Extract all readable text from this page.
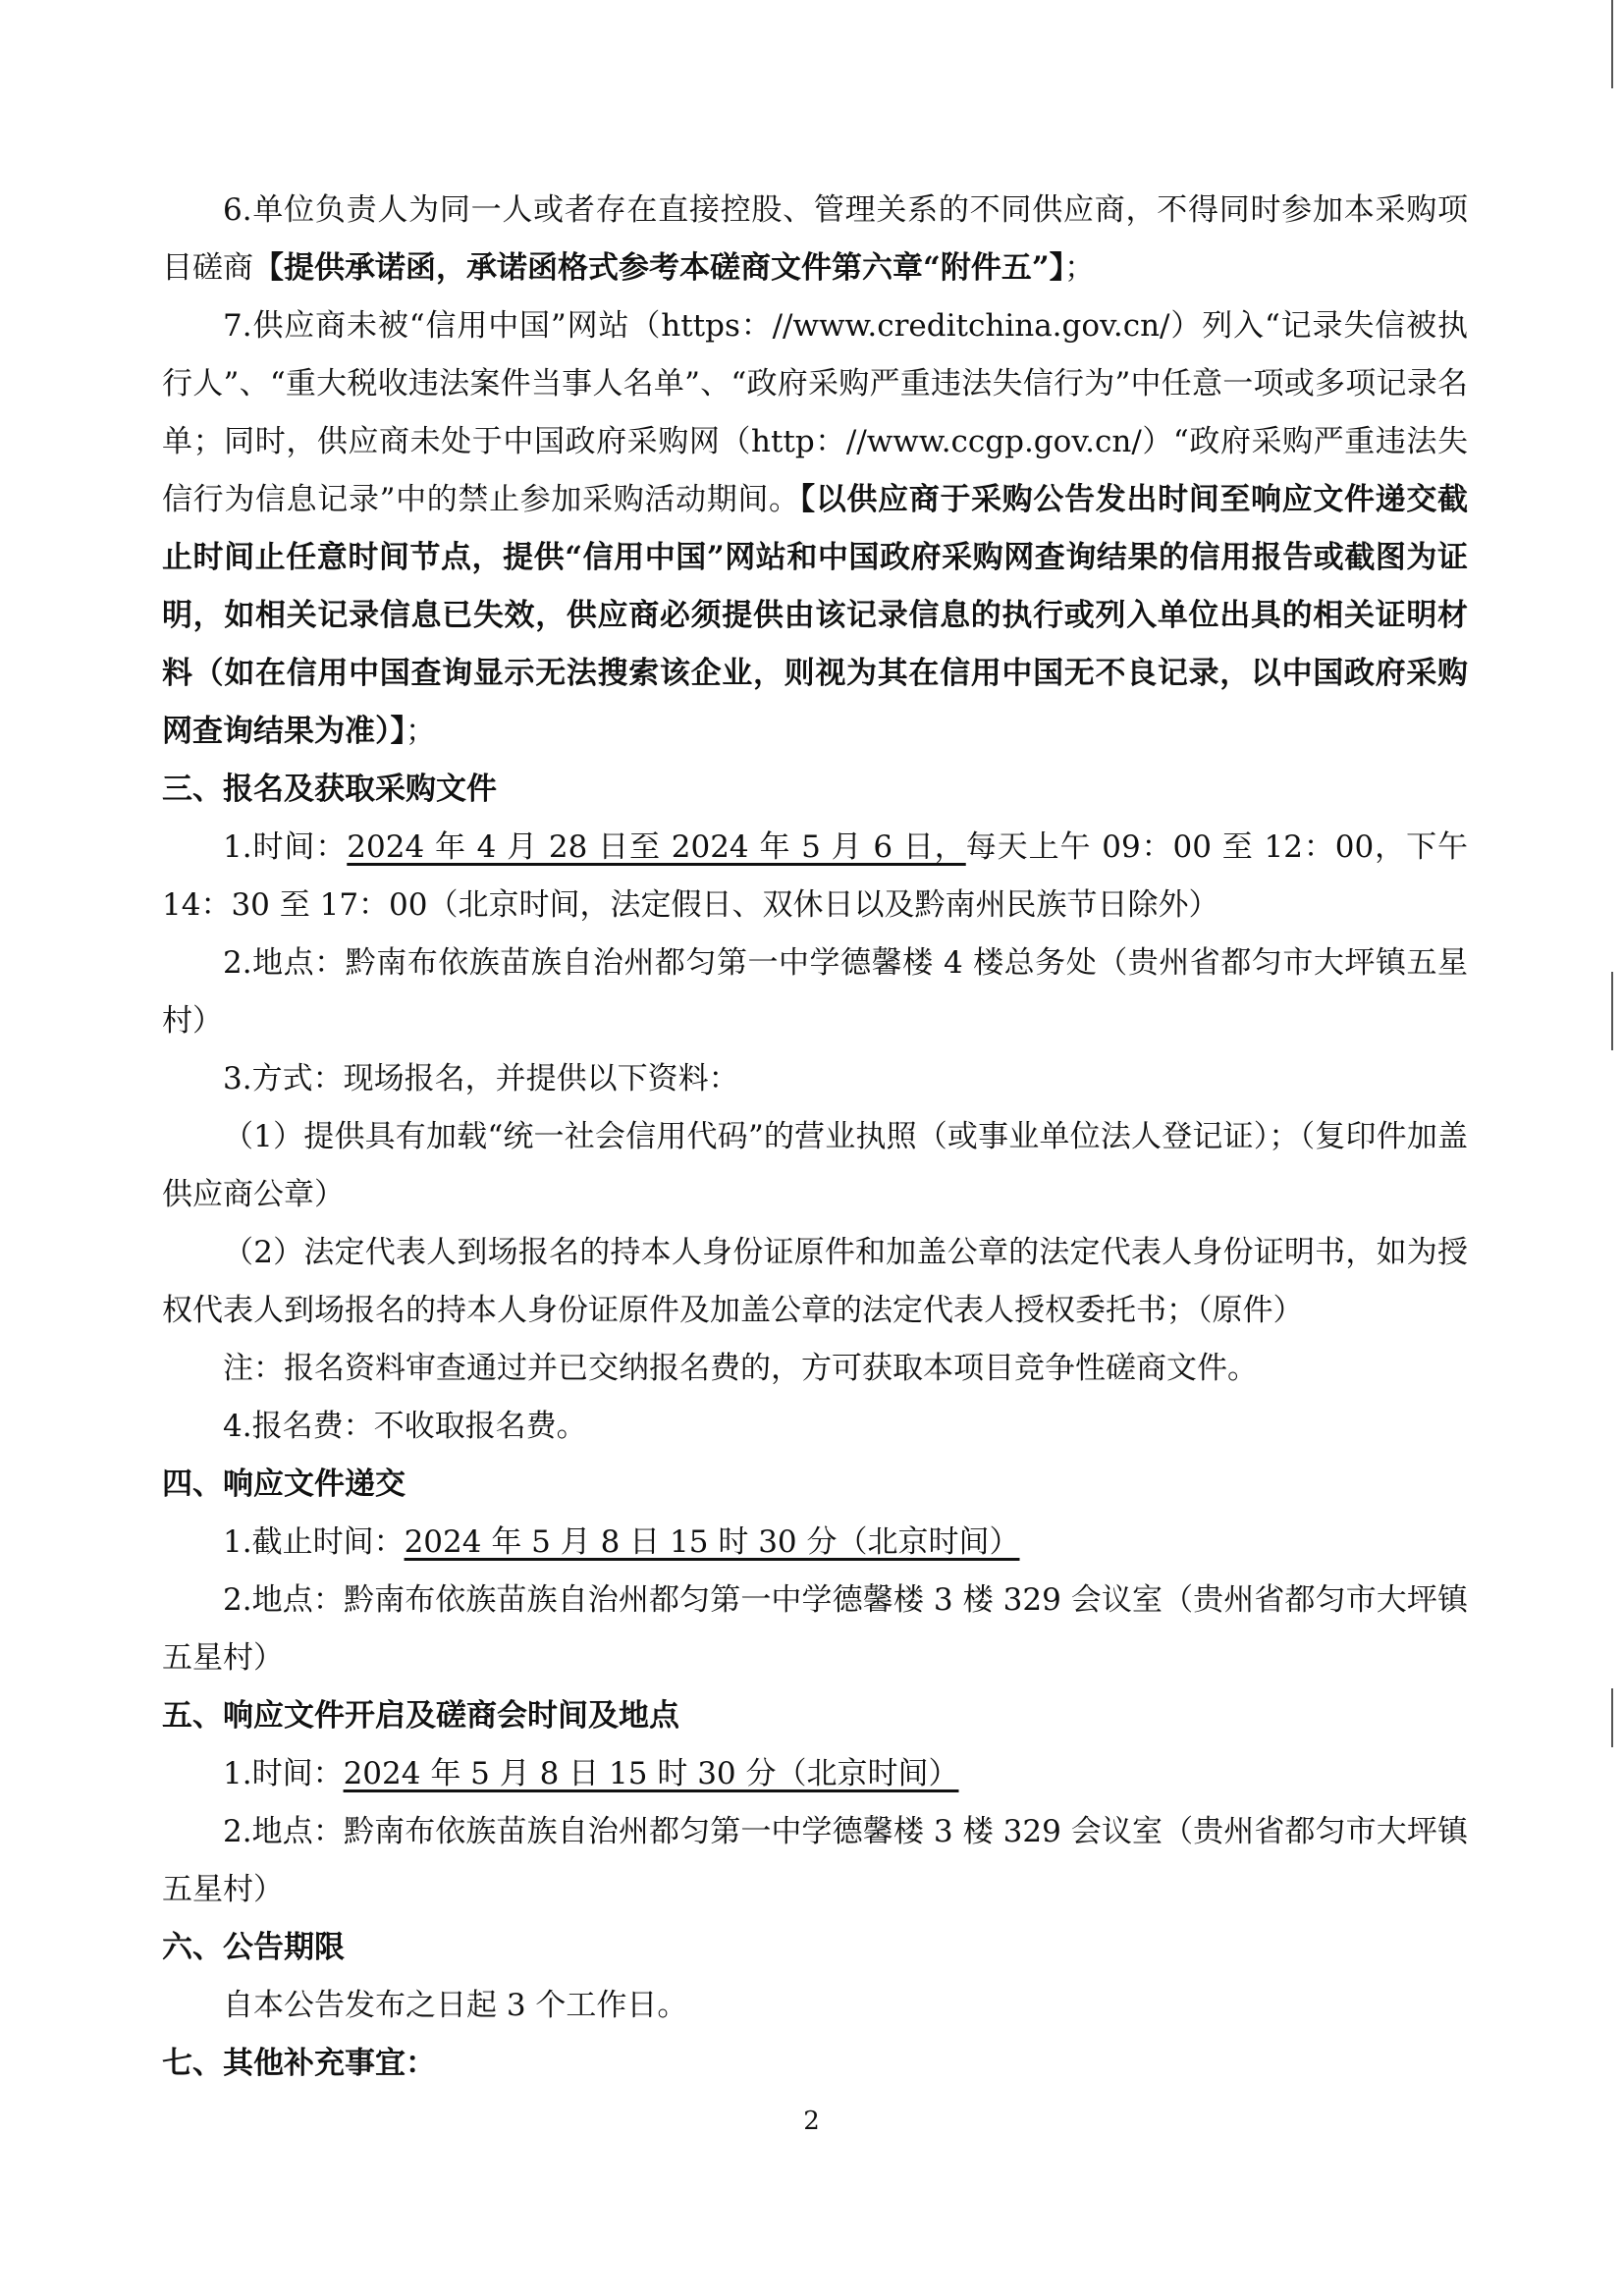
6.单位负责人为同一人或者存在直接控股、管理关系的不同供应商，不得同时参加本采购项目磋商【提供承诺函，承诺函格式参考本磋商文件第六章“附件五”】；

7.供应商未被“信用中国”网站（https：//www.creditchina.gov.cn/）列入“记录失信被执行人”、“重大税收违法案件当事人名单”、“政府采购严重违法失信行为”中任意一项或多项记录名单；同时，供应商未处于中国政府采购网（http：//www.ccgp.gov.cn/）“政府采购严重违法失信行为信息记录”中的禁止参加采购活动期间。【以供应商于采购公告发出时间至响应文件递交截止时间止任意时间节点，提供“信用中国”网站和中国政府采购网查询结果的信用报告或截图为证明，如相关记录信息已失效，供应商必须提供由该记录信息的执行或列入单位出具的相关证明材料（如在信用中国查询显示无法搜索该企业，则视为其在信用中国无不良记录，以中国政府采购网查询结果为准）】；

三、报名及获取采购文件

1.时间：2024 年 4 月 28 日至 2024 年 5 月 6 日，每天上午 09：00 至 12：00，下午 14：30 至 17：00（北京时间，法定假日、双休日以及黔南州民族节日除外）

2.地点：黔南布依族苗族自治州都匀第一中学德馨楼 4 楼总务处（贵州省都匀市大坪镇五星村）

3.方式：现场报名，并提供以下资料：

（1）提供具有加载“统一社会信用代码”的营业执照（或事业单位法人登记证）；（复印件加盖供应商公章）

（2）法定代表人到场报名的持本人身份证原件和加盖公章的法定代表人身份证明书，如为授权代表人到场报名的持本人身份证原件及加盖公章的法定代表人授权委托书；（原件）

注：报名资料审查通过并已交纳报名费的，方可获取本项目竞争性磋商文件。

4.报名费：不收取报名费。

四、响应文件递交

1.截止时间：2024 年 5 月 8 日 15 时 30 分（北京时间）

2.地点：黔南布依族苗族自治州都匀第一中学德馨楼 3 楼 329 会议室（贵州省都匀市大坪镇五星村）

五、响应文件开启及磋商会时间及地点

1.时间：2024 年 5 月 8 日 15 时 30 分（北京时间）

2.地点：黔南布依族苗族自治州都匀第一中学德馨楼 3 楼 329 会议室（贵州省都匀市大坪镇五星村）

六、公告期限

自本公告发布之日起 3 个工作日。

七、其他补充事宜：

2
